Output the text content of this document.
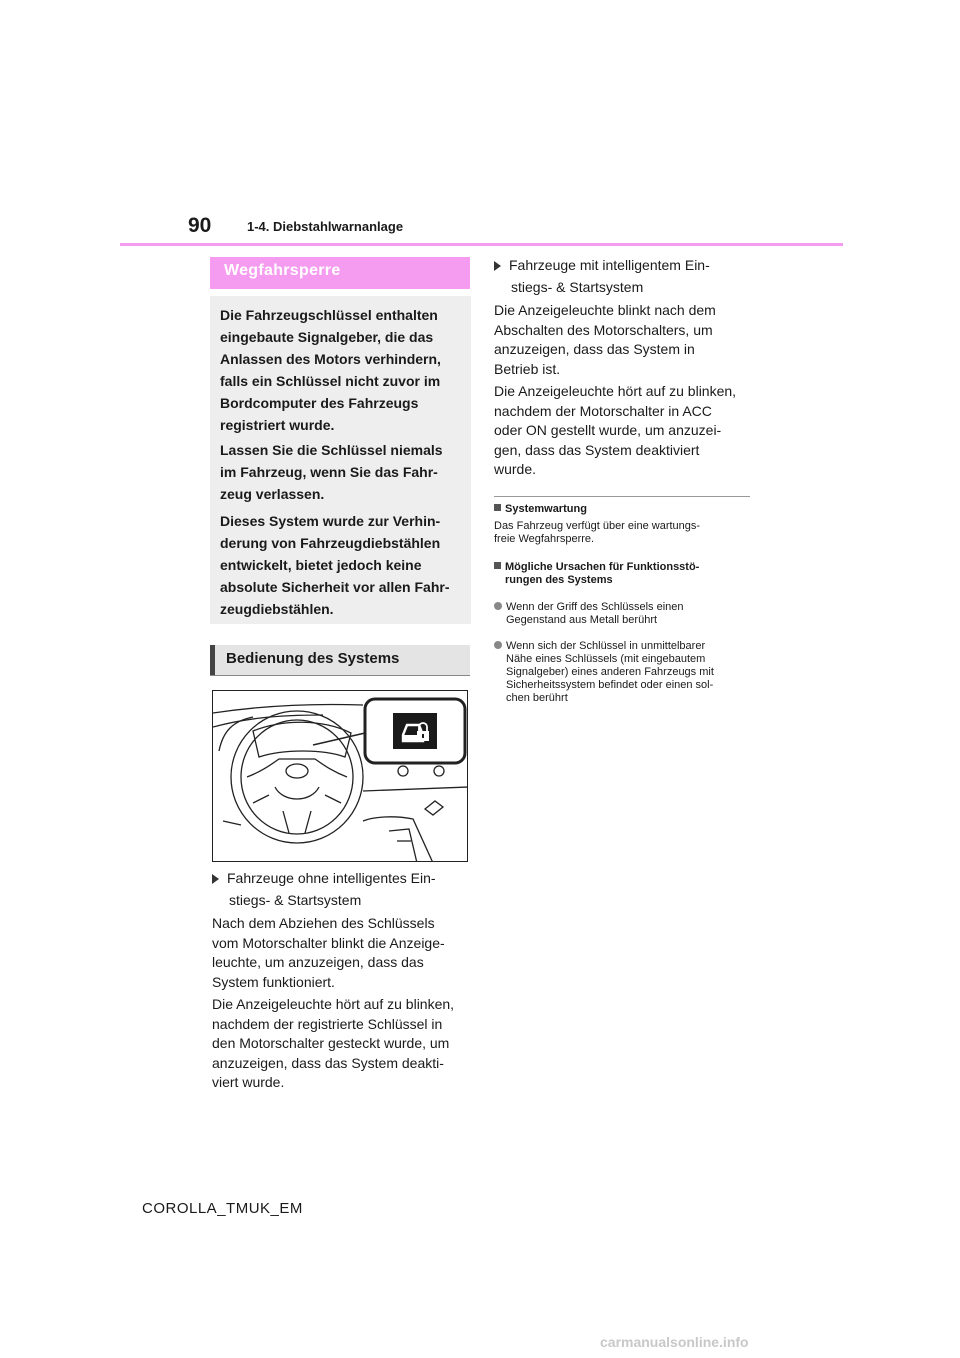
90	1-4. Diebstahlwarnanlage
Wegfahrsperre

Die Fahrzeugschlüssel enthalten
eingebaute Signalgeber, die das
Anlassen des Motors verhindern,
falls ein Schlüssel nicht zuvor im
Bordcomputer des Fahrzeugs
registriert wurde.

Lassen Sie die Schlüssel niemals
im Fahrzeug, wenn Sie das Fahr-
zeug verlassen.

Dieses System wurde zur Verhin-
derung von Fahrzeugdiebstählen
entwickelt, bietet jedoch keine
absolute Sicherheit vor allen Fahr-
zeugdiebstählen.

Bedienung des Systems
Fahrzeuge ohne intelligentes Ein-
stiegs- & Startsystem

Nach dem Abziehen des Schlüssels
vom Motorschalter blinkt die Anzeige-
leuchte, um anzuzeigen, dass das
System funktioniert.

Die Anzeigeleuchte hört auf zu blinken,
nachdem der registrierte Schlüssel in
den Motorschalter gesteckt wurde, um
anzuzeigen, dass das System deakti-
viert wurde.

Fahrzeuge mit intelligentem Ein-
stiegs- & Startsystem

Die Anzeigeleuchte blinkt nach dem
Abschalten des Motorschalters, um
anzuzeigen, dass das System in
Betrieb ist.

Die Anzeigeleuchte hört auf zu blinken,
nachdem der Motorschalter in ACC
oder ON gestellt wurde, um anzuzei-
gen, dass das System deaktiviert
wurde.

Systemwartung
Das Fahrzeug verfügt über eine wartungs-
freie Wegfahrsperre.
Mögliche Ursachen für Funktionsstö-
rungen des Systems
Wenn der Griff des Schlüssels einen
Gegenstand aus Metall berührt
Wenn sich der Schlüssel in unmittelbarer
Nähe eines Schlüssels (mit eingebautem
Signalgeber) eines anderen Fahrzeugs mit
Sicherheitssystem befindet oder einen sol-
chen berührt
COROLLA_TMUK_EM
carmanualsonline.info
